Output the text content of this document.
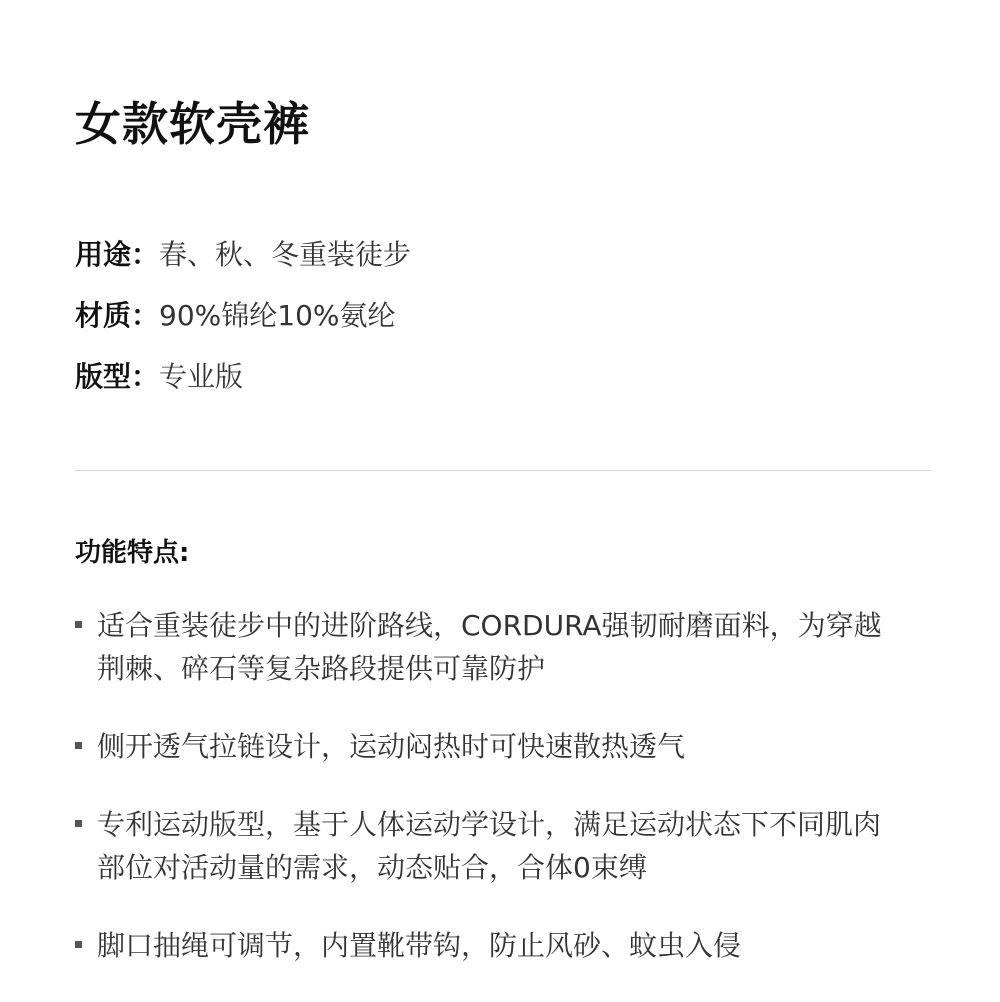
女款软壳裤
用途：春、秋、冬重装徒步
材质：90%锦纶10%氨纶
版型：专业版
功能特点:
适合重装徒步中的进阶路线，CORDURA强韧耐磨面料，为穿越荆棘、碎石等复杂路段提供可靠防护
侧开透气拉链设计，运动闷热时可快速散热透气
专利运动版型，基于人体运动学设计，满足运动状态下不同肌肉部位对活动量的需求，动态贴合，合体0束缚
脚口抽绳可调节，内置靴带钩，防止风砂、蚊虫入侵
